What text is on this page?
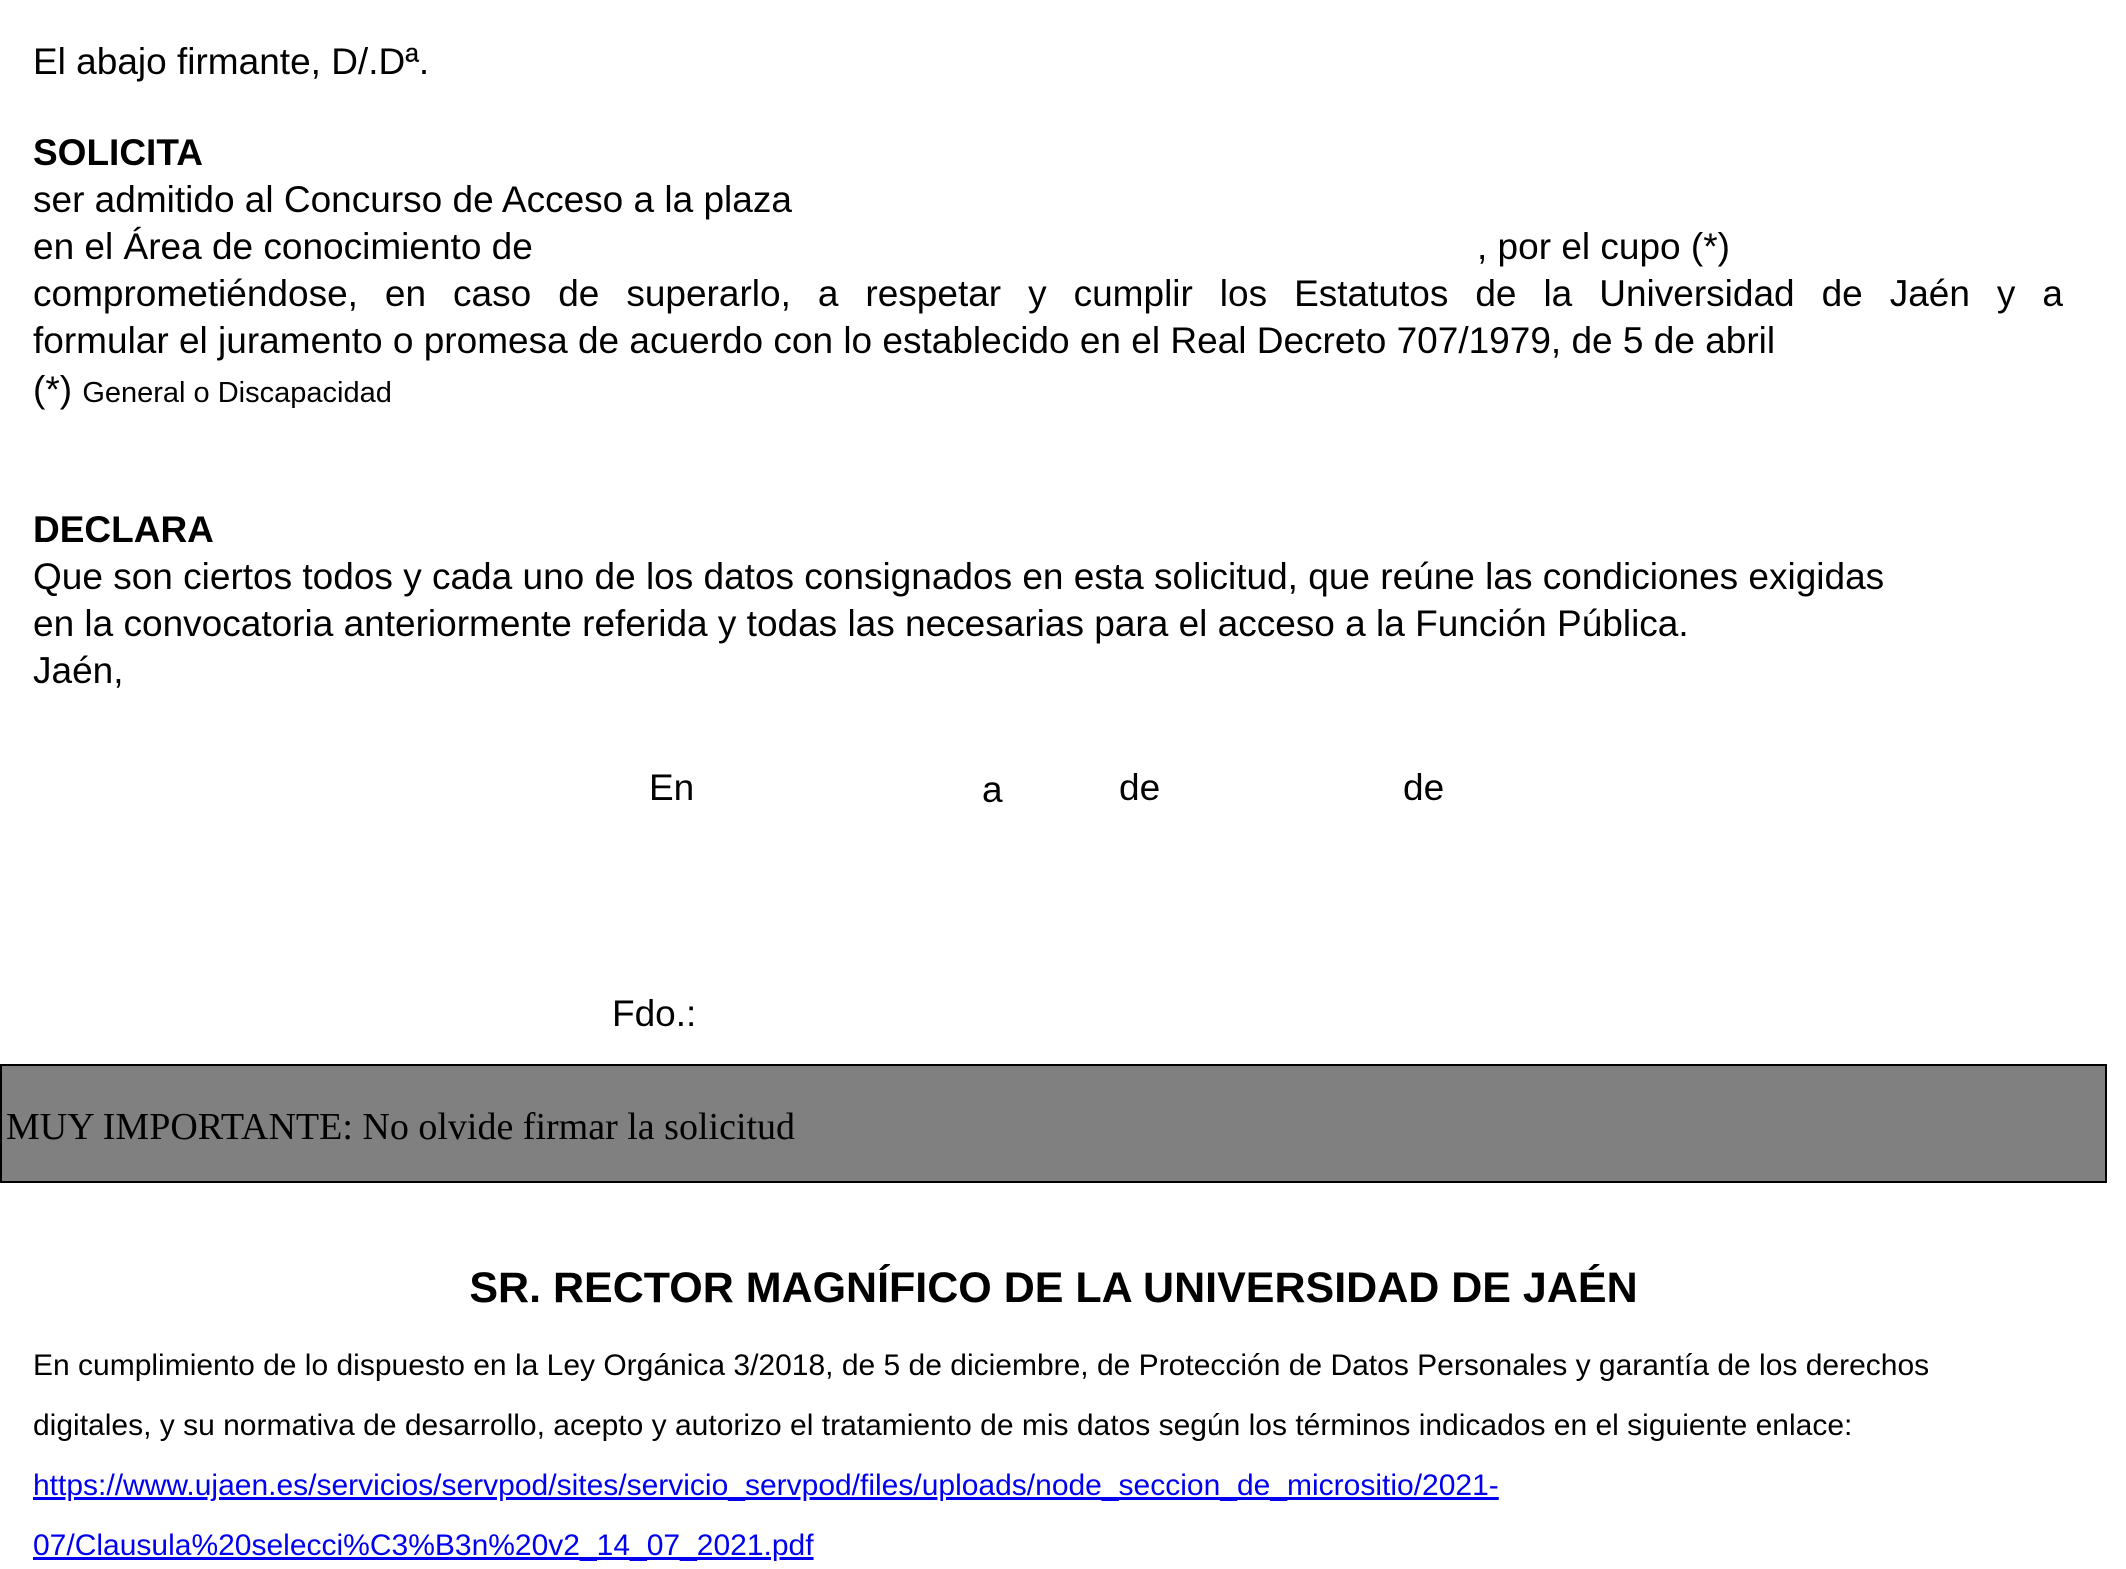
El abajo firmante, D/.Dª.
SOLICITA
ser admitido al Concurso de Acceso a la plaza
en el Área de conocimiento de	, por el cupo (*)
comprometiéndose, en caso de superarlo, a respetar y cumplir los Estatutos de la Universidad de Jaén y a
formular el juramento o promesa de acuerdo con lo establecido en el Real Decreto 707/1979, de 5 de abril
(*) General o Discapacidad
DECLARA
Que son ciertos todos y cada uno de los datos consignados en esta solicitud, que reúne las condiciones exigidas
en la convocatoria anteriormente referida y todas las necesarias para el acceso a la Función Pública.
Jaén,
En	a	de	de
Fdo.:
MUY IMPORTANTE: No olvide firmar la solicitud
SR. RECTOR MAGNÍFICO DE LA UNIVERSIDAD DE JAÉN
En cumplimiento de lo dispuesto en la Ley Orgánica 3/2018, de 5 de diciembre, de Protección de Datos Personales y garantía de los derechos
digitales, y su normativa de desarrollo, acepto y autorizo el tratamiento de mis datos según los términos indicados en el siguiente enlace:
https://www.ujaen.es/servicios/servpod/sites/servicio_servpod/files/uploads/node_seccion_de_micrositio/2021-
07/Clausula%20selecci%C3%B3n%20v2_14_07_2021.pdf
